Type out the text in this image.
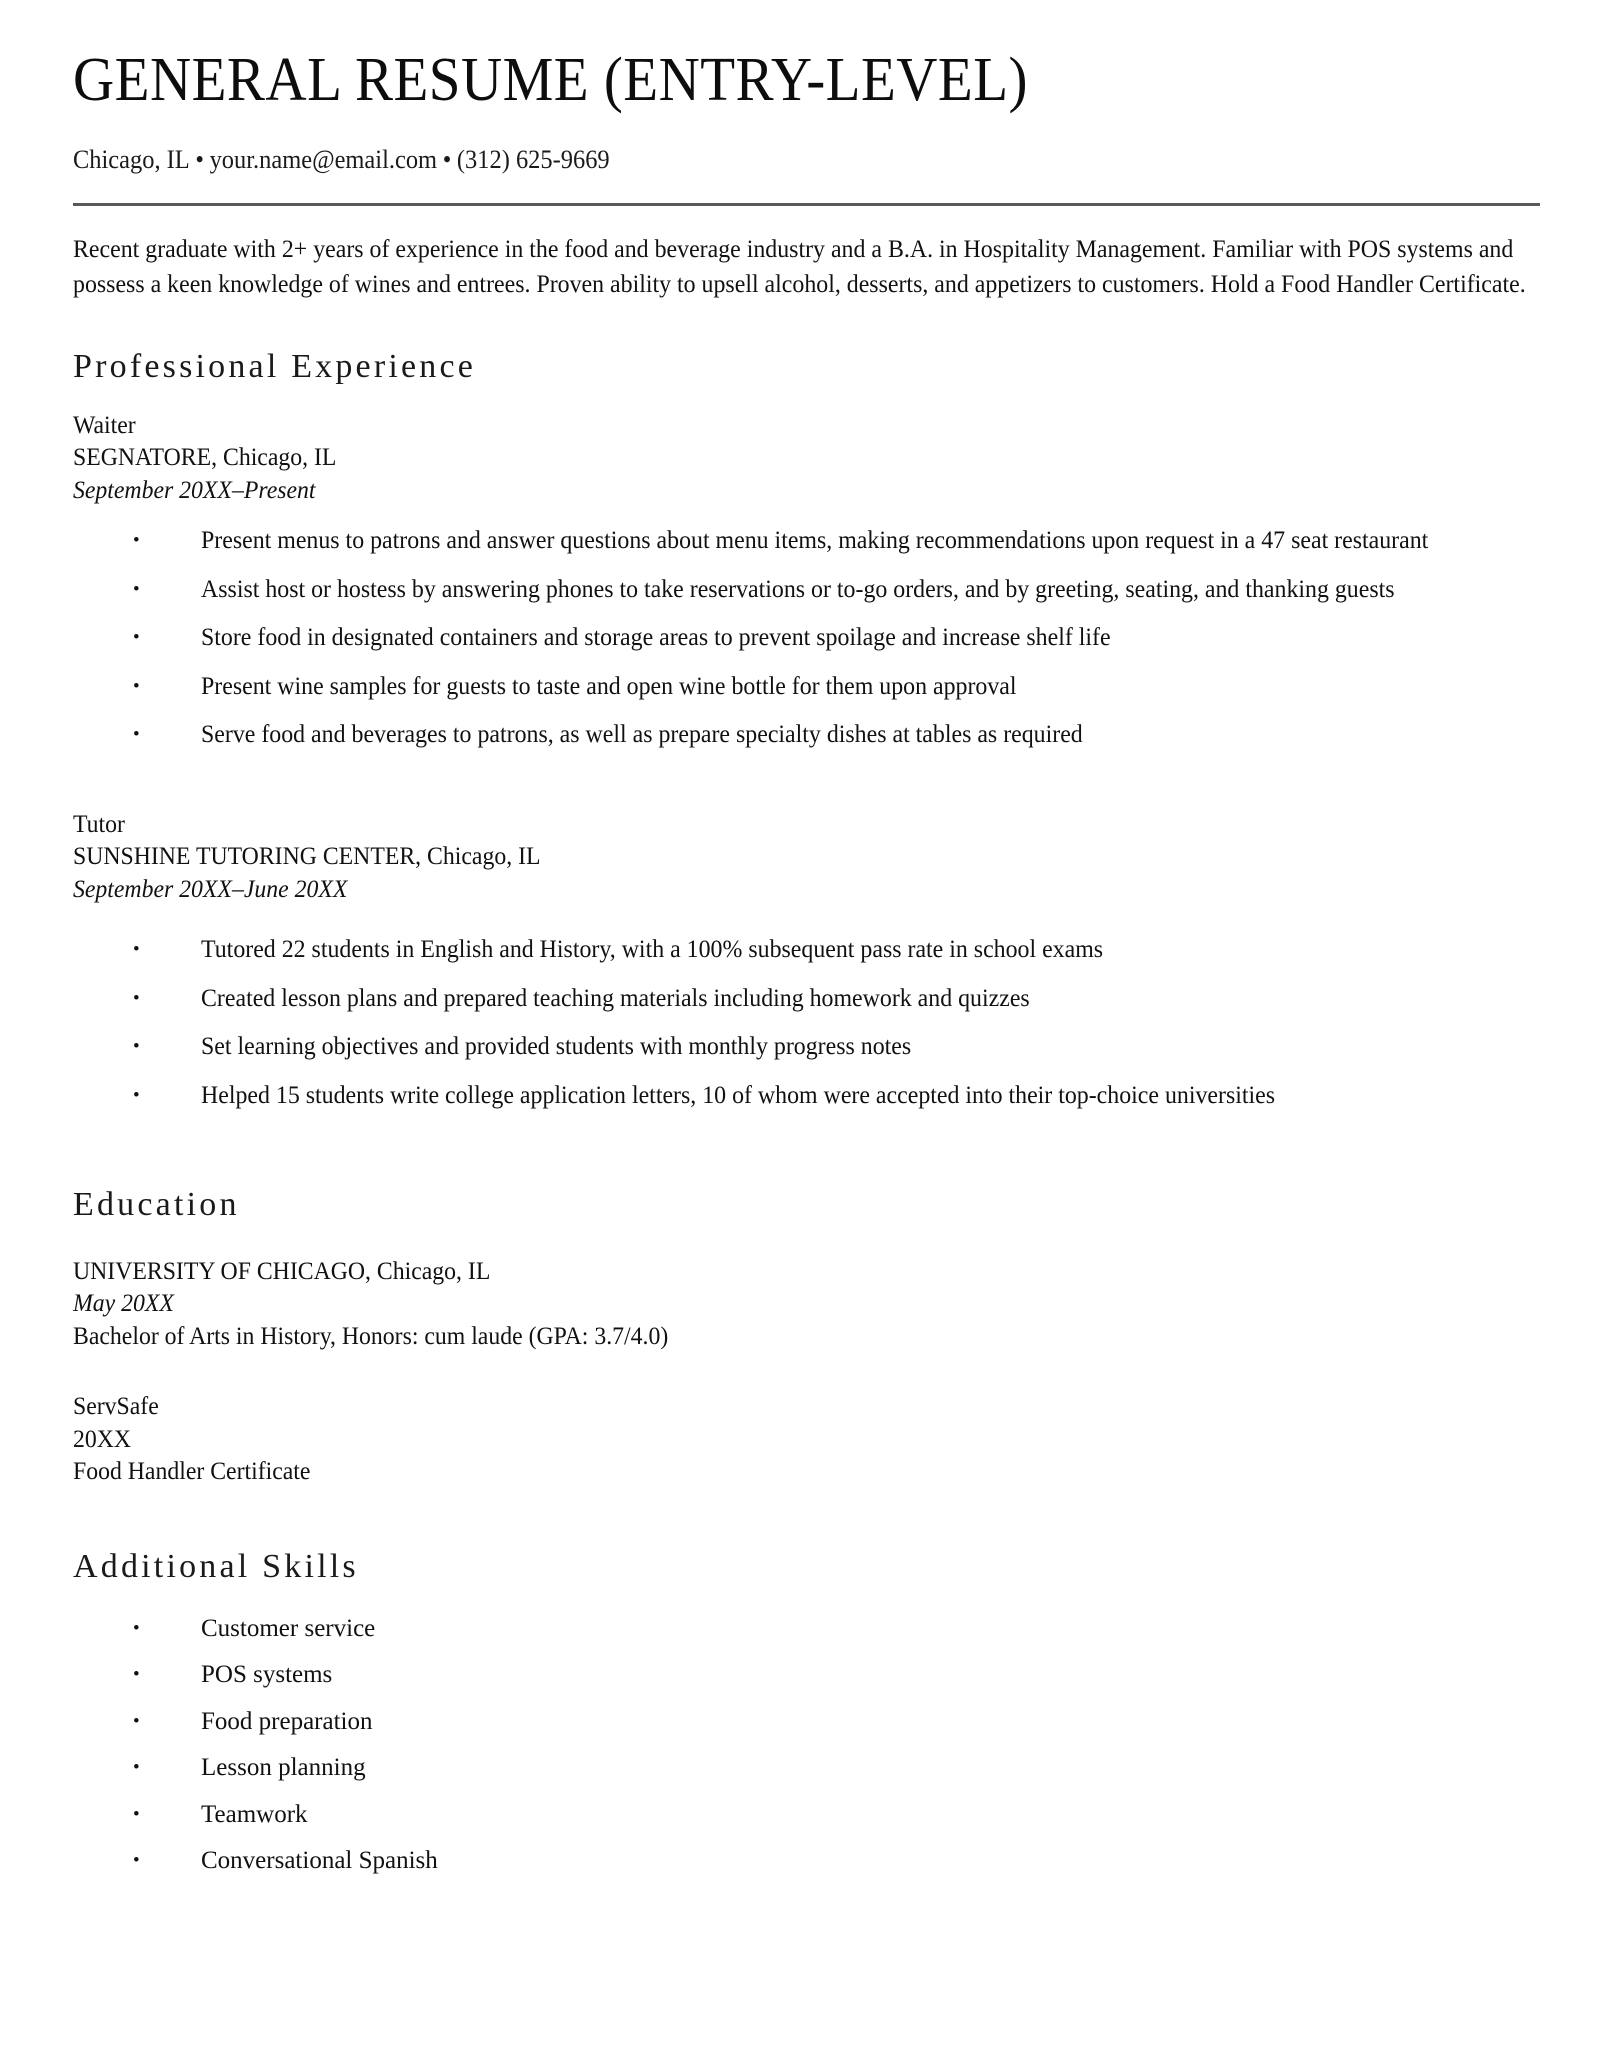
GENERAL RESUME (ENTRY-LEVEL)
Chicago, IL • your.name@email.com • (312) 625-9669

Recent graduate with 2+ years of experience in the food and beverage industry and a B.A. in Hospitality Management. Familiar with POS systems and possess a keen knowledge of wines and entrees. Proven ability to upsell alcohol, desserts, and appetizers to customers. Hold a Food Handler Certificate.

Professional Experience
Waiter
SEGNATORE, Chicago, IL
September 20XX–Present
• Present menus to patrons and answer questions about menu items, making recommendations upon request in a 47 seat restaurant
• Assist host or hostess by answering phones to take reservations or to-go orders, and by greeting, seating, and thanking guests
• Store food in designated containers and storage areas to prevent spoilage and increase shelf life
• Present wine samples for guests to taste and open wine bottle for them upon approval
• Serve food and beverages to patrons, as well as prepare specialty dishes at tables as required
Tutor
SUNSHINE TUTORING CENTER, Chicago, IL
September 20XX–June 20XX
• Tutored 22 students in English and History, with a 100% subsequent pass rate in school exams
• Created lesson plans and prepared teaching materials including homework and quizzes
• Set learning objectives and provided students with monthly progress notes
• Helped 15 students write college application letters, 10 of whom were accepted into their top-choice universities
Education
UNIVERSITY OF CHICAGO, Chicago, IL
May 20XX
Bachelor of Arts in History, Honors: cum laude (GPA: 3.7/4.0)
ServSafe
20XX
Food Handler Certificate
Additional Skills
• Customer service
• POS systems
• Food preparation
• Lesson planning
• Teamwork
• Conversational Spanish
